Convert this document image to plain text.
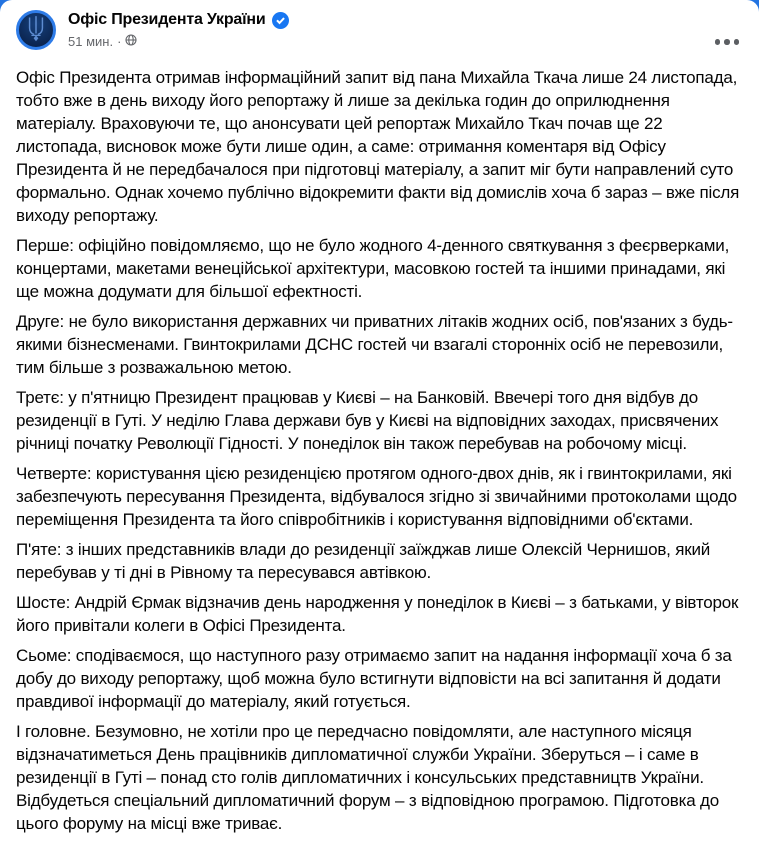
Офіс Президента України
51 мин. ·

Офіс Президента отримав інформаційний запит від пана Михайла Ткача лише 24 листопада, тобто вже в день виходу його репортажу й лише за декілька годин до оприлюднення матеріалу. Враховуючи те, що анонсувати цей репортаж Михайло Ткач почав ще 22 листопада, висновок може бути лише один, а саме: отримання коментаря від Офісу Президента й не передбачалося при підготовці матеріалу, а запит міг бути направлений суто формально. Однак хочемо публічно відокремити факти від домислів хоча б зараз – вже після виходу репортажу.

Перше: офіційно повідомляємо, що не було жодного 4-денного святкування з феєрверками, концертами, макетами венеційської архітектури, масовкою гостей та іншими принадами, які ще можна додумати для більшої ефектності.

Друге: не було використання державних чи приватних літаків жодних осіб, пов'язаних з будь-якими бізнесменами. Гвинтокрилами ДСНС гостей чи взагалі сторонніх осіб не перевозили, тим більше з розважальною метою.

Третє: у п'ятницю Президент працював у Києві – на Банковій. Ввечері того дня відбув до резиденції в Гуті. У неділю Глава держави був у Києві на відповідних заходах, присвячених річниці початку Революції Гідності. У понеділок він також перебував на робочому місці.

Четверте: користування цією резиденцією протягом одного-двох днів, як і гвинтокрилами, які забезпечують пересування Президента, відбувалося згідно зі звичайними протоколами щодо переміщення Президента та його співробітників і користування відповідними об'єктами.

П'яте: з інших представників влади до резиденції заїжджав лише Олексій Чернишов, який перебував у ті дні в Рівному та пересувався автівкою.

Шосте: Андрій Єрмак відзначив день народження у понеділок в Києві – з батьками, у вівторок його привітали колеги в Офісі Президента.

Сьоме: сподіваємося, що наступного разу отримаємо запит на надання інформації хоча б за добу до виходу репортажу, щоб можна було встигнути відповісти на всі запитання й додати правдивої інформації до матеріалу, який готується.

І головне. Безумовно, не хотіли про це передчасно повідомляти, але наступного місяця відзначатиметься День працівників дипломатичної служби України. Зберуться – і саме в резиденції в Гуті – понад сто голів дипломатичних і консульських представництв України. Відбудеться спеціальний дипломатичний форум – з відповідною програмою. Підготовка до цього форуму на місці вже триває.
